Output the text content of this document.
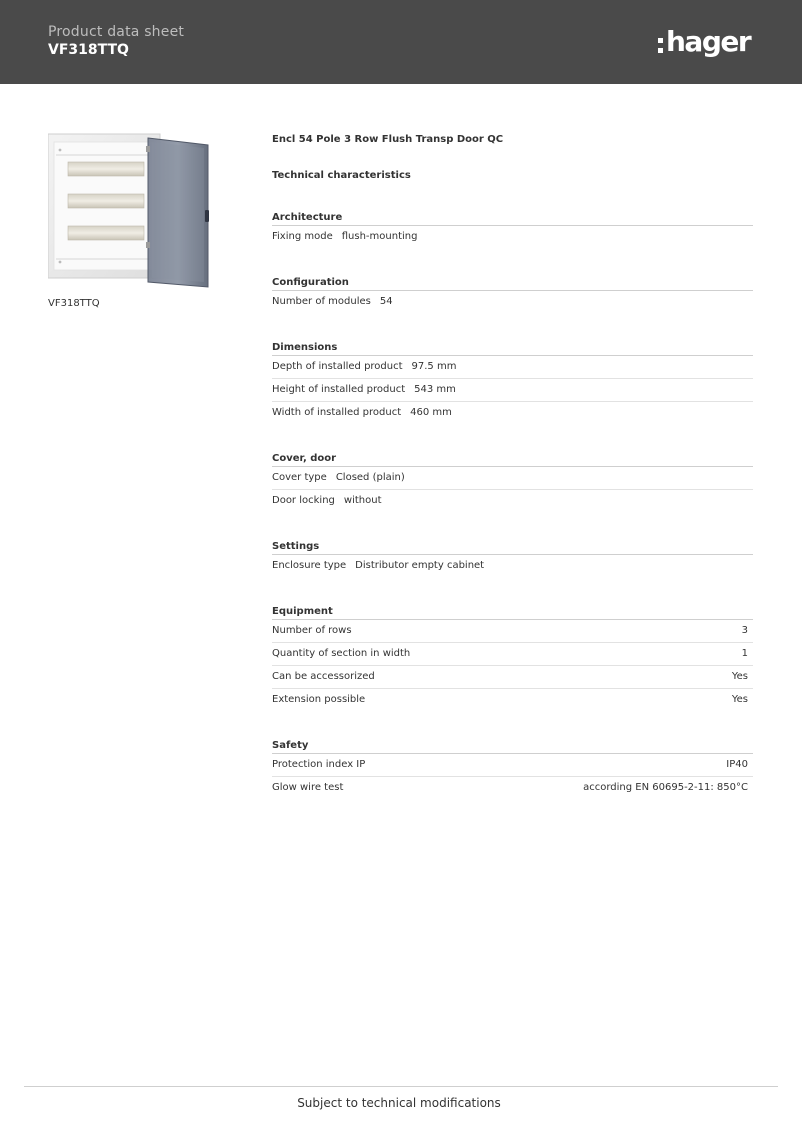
Product data sheet
VF318TTQ	hager
VF318TTQ
Encl 54 Pole 3 Row Flush Transp Door QC
Technical characteristics
Architecture
Fixing mode flush-mounting
Configuration
Number of modules 54
Dimensions
Depth of installed product 97.5 mm
Height of installed product 543 mm
Width of installed product 460 mm
Cover, door
Cover type Closed (plain)
Door locking without
Settings
Enclosure type Distributor empty cabinet
Equipment
Number of rows	3
Quantity of section in width	1
Can be accessorized	Yes
Extension possible	Yes
Safety
Protection index IP	IP40
Glow wire test	according EN 60695-2-11: 850°C
Subject to technical modifications
